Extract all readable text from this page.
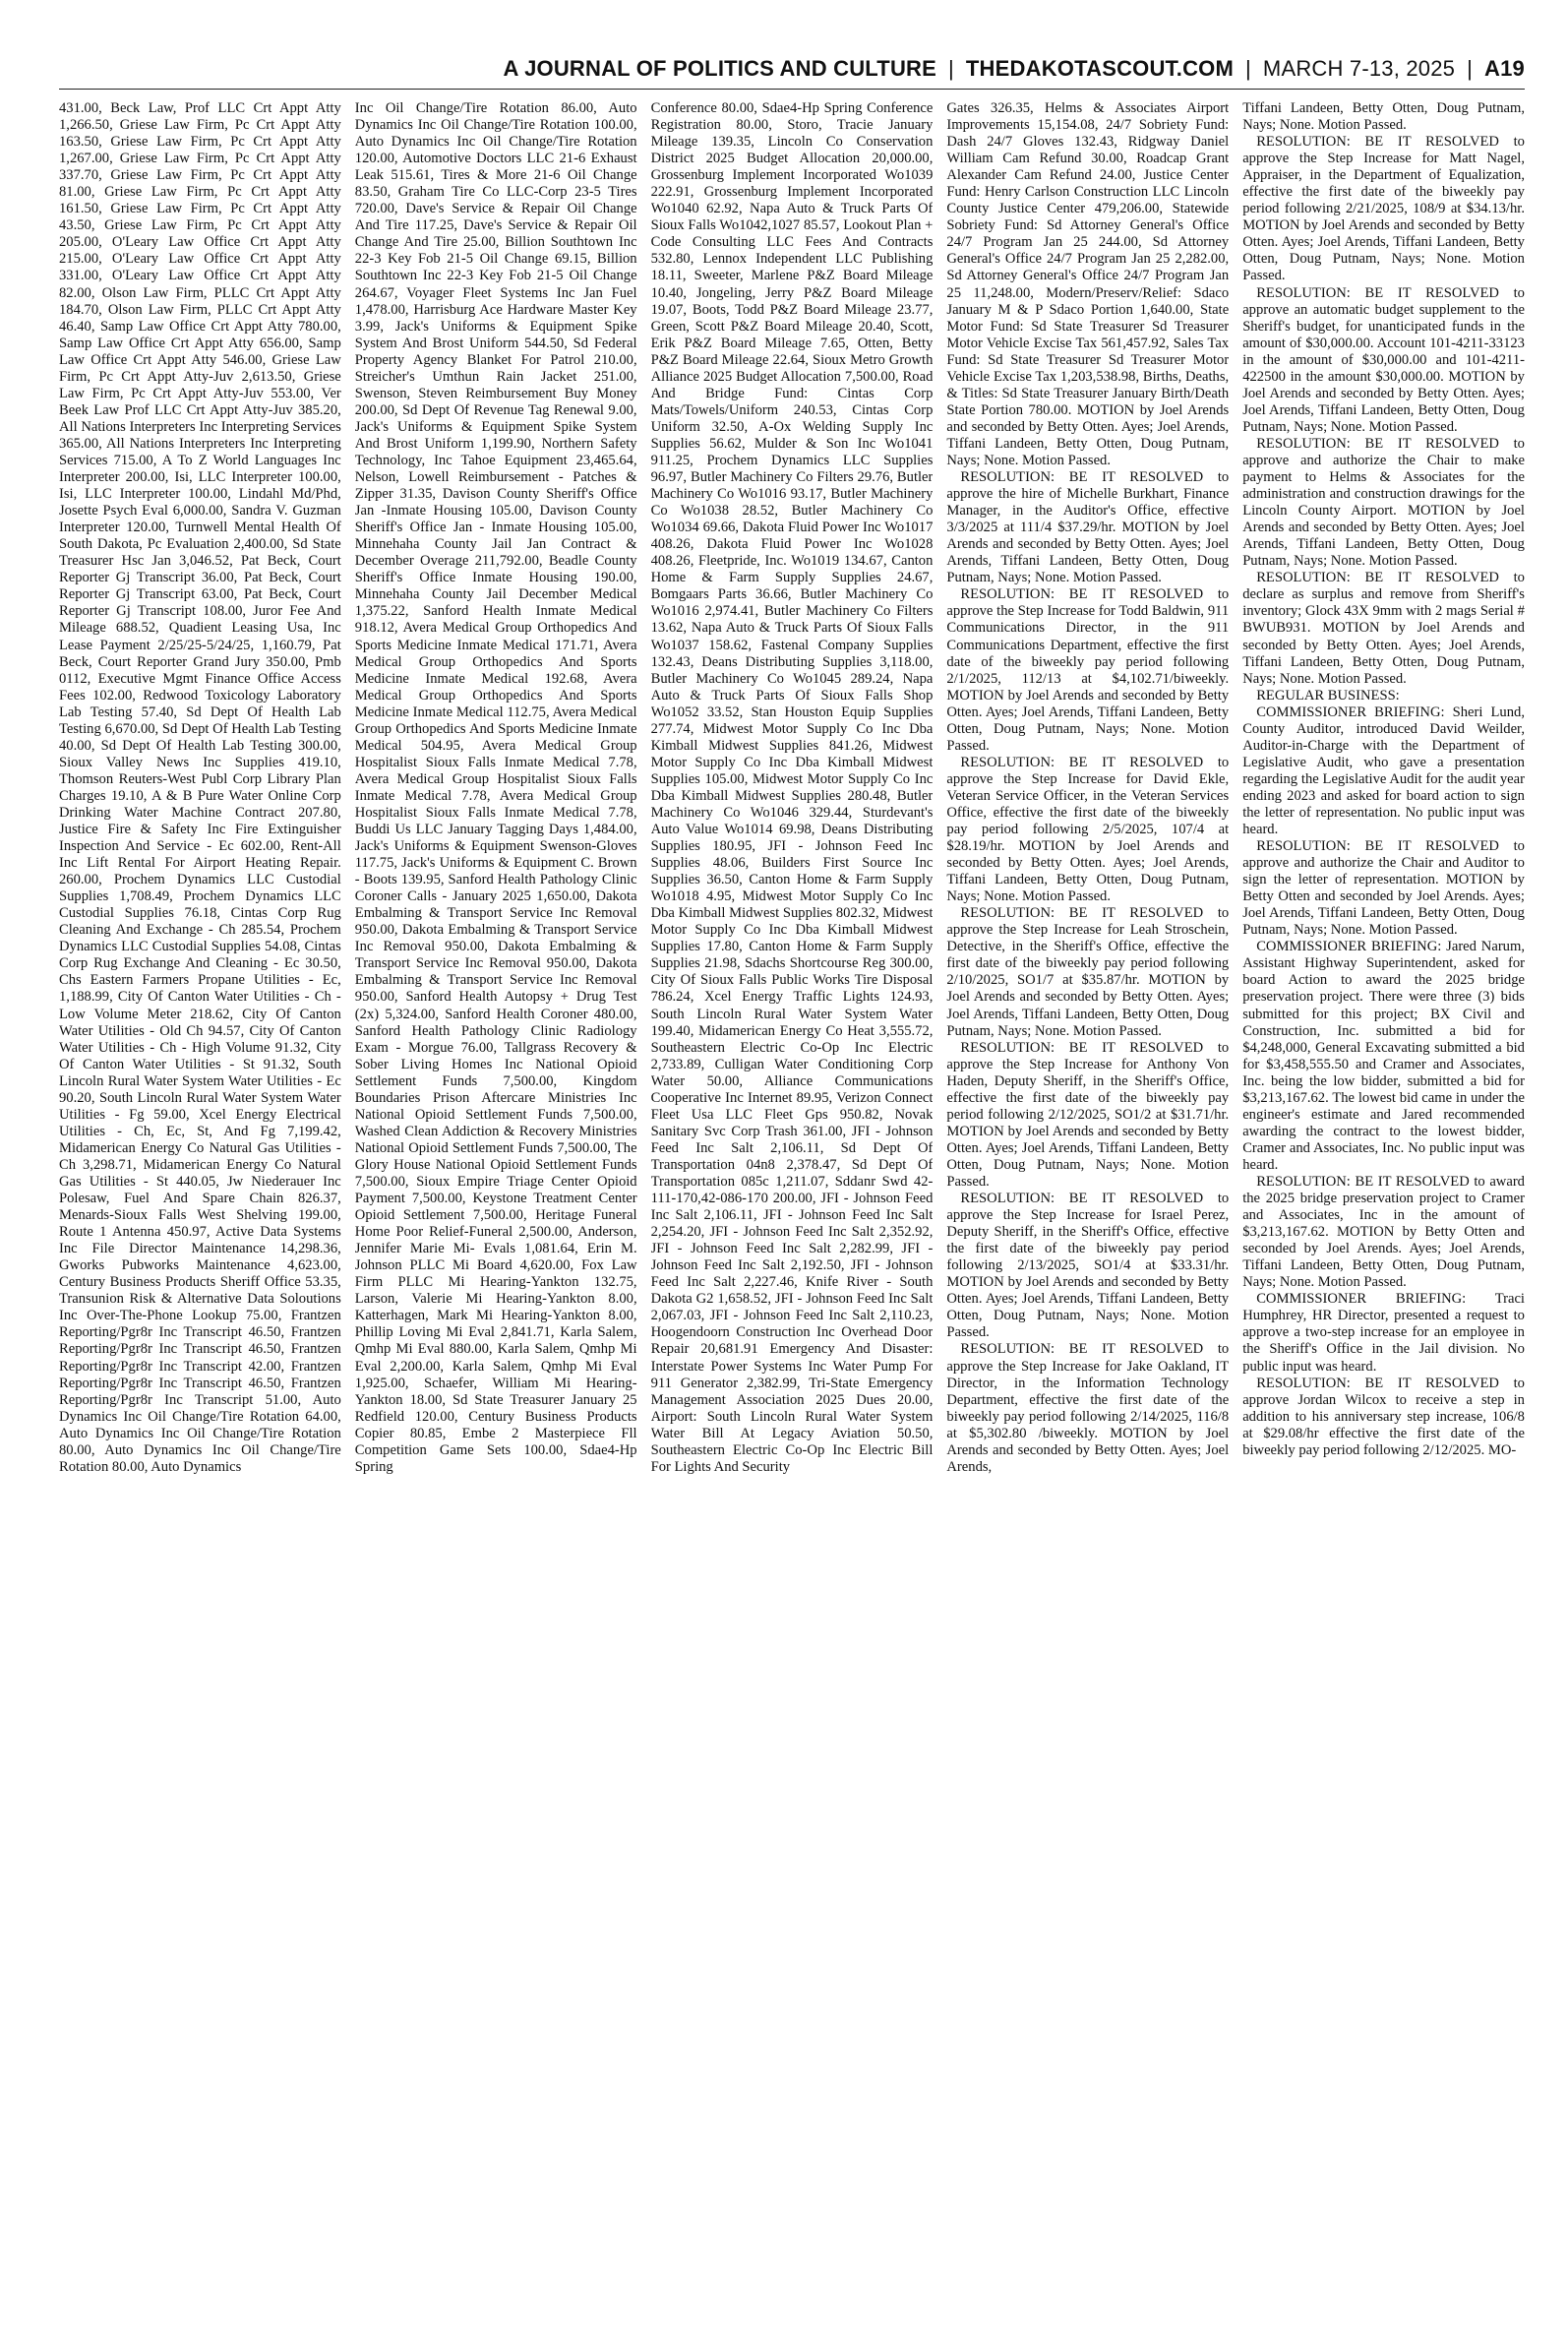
A JOURNAL OF POLITICS AND CULTURE | THEDAKOTASCOUT.COM | MARCH 7-13, 2025 | A19

431.00, Beck Law, Prof LLC Crt Appt Atty 1,266.50, Griese Law Firm, Pc Crt Appt Atty 163.50, Griese Law Firm, Pc Crt Appt Atty 1,267.00, Griese Law Firm, Pc Crt Appt Atty 337.70, Griese Law Firm, Pc Crt Appt Atty 81.00, Griese Law Firm, Pc Crt Appt Atty 161.50, Griese Law Firm, Pc Crt Appt Atty 43.50, Griese Law Firm, Pc Crt Appt Atty 205.00, O'Leary Law Office Crt Appt Atty 215.00, O'Leary Law Office Crt Appt Atty 331.00, O'Leary Law Office Crt Appt Atty 82.00, Olson Law Firm, PLLC Crt Appt Atty 184.70, Olson Law Firm, PLLC Crt Appt Atty 46.40, Samp Law Office Crt Appt Atty 780.00, Samp Law Office Crt Appt Atty 656.00, Samp Law Office Crt Appt Atty 546.00, Griese Law Firm, Pc Crt Appt Atty-Juv 2,613.50, Griese Law Firm, Pc Crt Appt Atty-Juv 553.00, Ver Beek Law Prof LLC Crt Appt Atty-Juv 385.20, All Nations Interpreters Inc Interpreting Services 365.00, All Nations Interpreters Inc Interpreting Services 715.00, A To Z World Languages Inc Interpreter 200.00, Isi, LLC Interpreter 100.00, Isi, LLC Interpreter 100.00, Lindahl Md/Phd, Josette Psych Eval 6,000.00, Sandra V. Guzman Interpreter 120.00, Turnwell Mental Health Of South Dakota, Pc Evaluation 2,400.00, Sd State Treasurer Hsc Jan 3,046.52, Pat Beck, Court Reporter Gj Transcript 36.00, Pat Beck, Court Reporter Gj Transcript 63.00, Pat Beck, Court Reporter Gj Transcript 108.00, Juror Fee And Mileage 688.52, Quadient Leasing Usa, Inc Lease Payment 2/25/25-5/24/25, 1,160.79, Pat Beck, Court Reporter Grand Jury 350.00, Pmb 0112, Executive Mgmt Finance Office Access Fees 102.00, Redwood Toxicology Laboratory Lab Testing 57.40, Sd Dept Of Health Lab Testing 6,670.00, Sd Dept Of Health Lab Testing 40.00, Sd Dept Of Health Lab Testing 300.00, Sioux Valley News Inc Supplies 419.10, Thomson Reuters-West Publ Corp Library Plan Charges 19.10, A & B Pure Water Online Corp Drinking Water Machine Contract 207.80, Justice Fire & Safety Inc Fire Extinguisher Inspection And Service - Ec 602.00, Rent-All Inc Lift Rental For Airport Heating Repair. 260.00, Prochem Dynamics LLC Custodial Supplies 1,708.49, Prochem Dynamics LLC Custodial Supplies 76.18, Cintas Corp Rug Cleaning And Exchange - Ch 285.54, Prochem Dynamics LLC Custodial Supplies 54.08, Cintas Corp Rug Exchange And Cleaning - Ec 30.50, Chs Eastern Farmers Propane Utilities - Ec, 1,188.99, City Of Canton Water Utilities - Ch - Low Volume Meter 218.62, City Of Canton Water Utilities - Old Ch 94.57, City Of Canton Water Utilities - Ch - High Volume 91.32, City Of Canton Water Utilities - St 91.32, South Lincoln Rural Water System Water Utilities - Ec 90.20, South Lincoln Rural Water System Water Utilities - Fg 59.00, Xcel Energy Electrical Utilities - Ch, Ec, St, And Fg 7,199.42, Midamerican Energy Co Natural Gas Utilities - Ch 3,298.71, Midamerican Energy Co Natural Gas Utilities - St 440.05, Jw Niederauer Inc Polesaw, Fuel And Spare Chain 826.37, Menards-Sioux Falls West Shelving 199.00, Route 1 Antenna 450.97, Active Data Systems Inc File Director Maintenance 14,298.36, Gworks Pubworks Maintenance 4,623.00, Century Business Products Sheriff Office 53.35, Transunion Risk & Alternative Data Soloutions Inc Over-The-Phone Lookup 75.00, Frantzen Reporting/Pgr8r Inc Transcript 46.50, Frantzen Reporting/Pgr8r Inc Transcript 46.50, Frantzen Reporting/Pgr8r Inc Transcript 42.00, Frantzen Reporting/Pgr8r Inc Transcript 46.50, Frantzen Reporting/Pgr8r Inc Transcript 51.00, Auto Dynamics Inc Oil Change/Tire Rotation 64.00, Auto Dynamics Inc Oil Change/Tire Rotation 80.00, Auto Dynamics Inc Oil Change/Tire Rotation 80.00, Auto Dynamics

Inc Oil Change/Tire Rotation 86.00, Auto Dynamics Inc Oil Change/Tire Rotation 100.00, Auto Dynamics Inc Oil Change/Tire Rotation 120.00, Automotive Doctors LLC 21-6 Exhaust Leak 515.61, Tires & More 21-6 Oil Change 83.50, Graham Tire Co LLC-Corp 23-5 Tires 720.00, Dave's Service & Repair Oil Change And Tire 117.25, Dave's Service & Repair Oil Change And Tire 25.00, Billion Southtown Inc 22-3 Key Fob 21-5 Oil Change 69.15, Billion Southtown Inc 22-3 Key Fob 21-5 Oil Change 264.67, Voyager Fleet Systems Inc Jan Fuel 1,478.00, Harrisburg Ace Hardware Master Key 3.99, Jack's Uniforms & Equipment Spike System And Brost Uniform 544.50, Sd Federal Property Agency Blanket For Patrol 210.00, Streicher's Umthun Rain Jacket 251.00, Swenson, Steven Reimbursement Buy Money 200.00, Sd Dept Of Revenue Tag Renewal 9.00, Jack's Uniforms & Equipment Spike System And Brost Uniform 1,199.90, Northern Safety Technology, Inc Tahoe Equipment 23,465.64, Nelson, Lowell Reimbursement - Patches & Zipper 31.35, Davison County Sheriff's Office Jan -Inmate Housing 105.00, Davison County Sheriff's Office Jan - Inmate Housing 105.00, Minnehaha County Jail Jan Contract & December Overage 211,792.00, Beadle County Sheriff's Office Inmate Housing 190.00, Minnehaha County Jail December Medical 1,375.22, Sanford Health Inmate Medical 918.12, Avera Medical Group Orthopedics And Sports Medicine Inmate Medical 171.71, Avera Medical Group Orthopedics And Sports Medicine Inmate Medical 192.68, Avera Medical Group Orthopedics And Sports Medicine Inmate Medical 112.75, Avera Medical Group Orthopedics And Sports Medicine Inmate Medical 504.95, Avera Medical Group Hospitalist Sioux Falls Inmate Medical 7.78, Avera Medical Group Hospitalist Sioux Falls Inmate Medical 7.78, Avera Medical Group Hospitalist Sioux Falls Inmate Medical 7.78, Buddi Us LLC January Tagging Days 1,484.00, Jack's Uniforms & Equipment Swenson-Gloves 117.75, Jack's Uniforms & Equipment C. Brown - Boots 139.95, Sanford Health Pathology Clinic Coroner Calls - January 2025 1,650.00, Dakota Embalming & Transport Service Inc Removal 950.00, Dakota Embalming & Transport Service Inc Removal 950.00, Dakota Embalming & Transport Service Inc Removal 950.00, Dakota Embalming & Transport Service Inc Removal 950.00, Sanford Health Autopsy + Drug Test (2x) 5,324.00, Sanford Health Coroner 480.00, Sanford Health Pathology Clinic Radiology Exam - Morgue 76.00, Tallgrass Recovery & Sober Living Homes Inc National Opioid Settlement Funds 7,500.00, Kingdom Boundaries Prison Aftercare Ministries Inc National Opioid Settlement Funds 7,500.00, Washed Clean Addiction & Recovery Ministries National Opioid Settlement Funds 7,500.00, The Glory House National Opioid Settlement Funds 7,500.00, Sioux Empire Triage Center Opioid Payment 7,500.00, Keystone Treatment Center Opioid Settlement 7,500.00, Heritage Funeral Home Poor Relief-Funeral 2,500.00, Anderson, Jennifer Marie Mi- Evals 1,081.64, Erin M. Johnson PLLC Mi Board 4,620.00, Fox Law Firm PLLC Mi Hearing-Yankton 132.75, Larson, Valerie Mi Hearing-Yankton 8.00, Katterhagen, Mark Mi Hearing-Yankton 8.00, Phillip Loving Mi Eval 2,841.71, Karla Salem, Qmhp Mi Eval 880.00, Karla Salem, Qmhp Mi Eval 2,200.00, Karla Salem, Qmhp Mi Eval 1,925.00, Schaefer, William Mi Hearing-Yankton 18.00, Sd State Treasurer January 25 Redfield 120.00, Century Business Products Copier 80.85, Embe 2 Masterpiece Fll Competition Game Sets 100.00, Sdae4-Hp Spring

Conference 80.00, Sdae4-Hp Spring Conference Registration 80.00, Storo, Tracie January Mileage 139.35, Lincoln Co Conservation District 2025 Budget Allocation 20,000.00, Grossenburg Implement Incorporated Wo1039 222.91, Grossenburg Implement Incorporated Wo1040 62.92, Napa Auto & Truck Parts Of Sioux Falls Wo1042,1027 85.57, Lookout Plan + Code Consulting LLC Fees And Contracts 532.80, Lennox Independent LLC Publishing 18.11, Sweeter, Marlene P&Z Board Mileage 10.40, Jongeling, Jerry P&Z Board Mileage 19.07, Boots, Todd P&Z Board Mileage 23.77, Green, Scott P&Z Board Mileage 20.40, Scott, Erik P&Z Board Mileage 7.65, Otten, Betty P&Z Board Mileage 22.64, Sioux Metro Growth Alliance 2025 Budget Allocation 7,500.00, Road And Bridge Fund: Cintas Corp Mats/Towels/Uniform 240.53, Cintas Corp Uniform 32.50, A-Ox Welding Supply Inc Supplies 56.62, Mulder & Son Inc Wo1041 911.25, Prochem Dynamics LLC Supplies 96.97, Butler Machinery Co Filters 29.76, Butler Machinery Co Wo1016 93.17, Butler Machinery Co Wo1038 28.52, Butler Machinery Co Wo1034 69.66, Dakota Fluid Power Inc Wo1017 408.26, Dakota Fluid Power Inc Wo1028 408.26, Fleetpride, Inc. Wo1019 134.67, Canton Home & Farm Supply Supplies 24.67, Bomgaars Parts 36.66, Butler Machinery Co Wo1016 2,974.41, Butler Machinery Co Filters 13.62, Napa Auto & Truck Parts Of Sioux Falls Wo1037 158.62, Fastenal Company Supplies 132.43, Deans Distributing Supplies 3,118.00, Butler Machinery Co Wo1045 289.24, Napa Auto & Truck Parts Of Sioux Falls Shop Wo1052 33.52, Stan Houston Equip Supplies 277.74, Midwest Motor Supply Co Inc Dba Kimball Midwest Supplies 841.26, Midwest Motor Supply Co Inc Dba Kimball Midwest Supplies 105.00, Midwest Motor Supply Co Inc Dba Kimball Midwest Supplies 280.48, Butler Machinery Co Wo1046 329.44, Sturdevant's Auto Value Wo1014 69.98, Deans Distributing Supplies 180.95, JFI - Johnson Feed Inc Supplies 48.06, Builders First Source Inc Supplies 36.50, Canton Home & Farm Supply Wo1018 4.95, Midwest Motor Supply Co Inc Dba Kimball Midwest Supplies 802.32, Midwest Motor Supply Co Inc Dba Kimball Midwest Supplies 17.80, Canton Home & Farm Supply Supplies 21.98, Sdachs Shortcourse Reg 300.00, City Of Sioux Falls Public Works Tire Disposal 786.24, Xcel Energy Traffic Lights 124.93, South Lincoln Rural Water System Water 199.40, Midamerican Energy Co Heat 3,555.72, Southeastern Electric Co-Op Inc Electric 2,733.89, Culligan Water Conditioning Corp Water 50.00, Alliance Communications Cooperative Inc Internet 89.95, Verizon Connect Fleet Usa LLC Fleet Gps 950.82, Novak Sanitary Svc Corp Trash 361.00, JFI - Johnson Feed Inc Salt 2,106.11, Sd Dept Of Transportation 04n8 2,378.47, Sd Dept Of Transportation 085c 1,211.07, Sddanr Swd 42-111-170,42-086-170 200.00, JFI - Johnson Feed Inc Salt 2,106.11, JFI - Johnson Feed Inc Salt 2,254.20, JFI - Johnson Feed Inc Salt 2,352.92, JFI - Johnson Feed Inc Salt 2,282.99, JFI - Johnson Feed Inc Salt 2,192.50, JFI - Johnson Feed Inc Salt 2,227.46, Knife River - South Dakota G2 1,658.52, JFI - Johnson Feed Inc Salt 2,067.03, JFI - Johnson Feed Inc Salt 2,110.23, Hoogendoorn Construction Inc Overhead Door Repair 20,681.91 Emergency And Disaster: Interstate Power Systems Inc Water Pump For 911 Generator 2,382.99, Tri-State Emergency Management Association 2025 Dues 20.00, Airport: South Lincoln Rural Water System Water Bill At Legacy Aviation 50.50, Southeastern Electric Co-Op Inc Electric Bill For Lights And Security

Gates 326.35, Helms & Associates Airport Improvements 15,154.08, 24/7 Sobriety Fund: Dash 24/7 Gloves 132.43, Ridgway Daniel William Cam Refund 30.00, Roadcap Grant Alexander Cam Refund 24.00, Justice Center Fund: Henry Carlson Construction LLC Lincoln County Justice Center 479,206.00, Statewide Sobriety Fund: Sd Attorney General's Office 24/7 Program Jan 25 244.00, Sd Attorney General's Office 24/7 Program Jan 25 2,282.00, Sd Attorney General's Office 24/7 Program Jan 25 11,248.00, Modern/Preserv/Relief: Sdaco January M & P Sdaco Portion 1,640.00, State Motor Fund: Sd State Treasurer Sd Treasurer Motor Vehicle Excise Tax 561,457.92, Sales Tax Fund: Sd State Treasurer Sd Treasurer Motor Vehicle Excise Tax 1,203,538.98, Births, Deaths, & Titles: Sd State Treasurer January Birth/Death State Portion 780.00. MOTION by Joel Arends and seconded by Betty Otten. Ayes; Joel Arends, Tiffani Landeen, Betty Otten, Doug Putnam, Nays; None. Motion Passed.

RESOLUTION: BE IT RESOLVED to approve the hire of Michelle Burkhart, Finance Manager, in the Auditor's Office, effective 3/3/2025 at 111/4 $37.29/hr. MOTION by Joel Arends and seconded by Betty Otten. Ayes; Joel Arends, Tiffani Landeen, Betty Otten, Doug Putnam, Nays; None. Motion Passed.

RESOLUTION: BE IT RESOLVED to approve the Step Increase for Todd Baldwin, 911 Communications Director, in the 911 Communications Department, effective the first date of the biweekly pay period following 2/1/2025, 112/13 at $4,102.71/biweekly. MOTION by Joel Arends and seconded by Betty Otten. Ayes; Joel Arends, Tiffani Landeen, Betty Otten, Doug Putnam, Nays; None. Motion Passed.

RESOLUTION: BE IT RESOLVED to approve the Step Increase for David Ekle, Veteran Service Officer, in the Veteran Services Office, effective the first date of the biweekly pay period following 2/5/2025, 107/4 at $28.19/hr. MOTION by Joel Arends and seconded by Betty Otten. Ayes; Joel Arends, Tiffani Landeen, Betty Otten, Doug Putnam, Nays; None. Motion Passed.

RESOLUTION: BE IT RESOLVED to approve the Step Increase for Leah Stroschein, Detective, in the Sheriff's Office, effective the first date of the biweekly pay period following 2/10/2025, SO1/7 at $35.87/hr. MOTION by Joel Arends and seconded by Betty Otten. Ayes; Joel Arends, Tiffani Landeen, Betty Otten, Doug Putnam, Nays; None. Motion Passed.

RESOLUTION: BE IT RESOLVED to approve the Step Increase for Anthony Von Haden, Deputy Sheriff, in the Sheriff's Office, effective the first date of the biweekly pay period following 2/12/2025, SO1/2 at $31.71/hr. MOTION by Joel Arends and seconded by Betty Otten. Ayes; Joel Arends, Tiffani Landeen, Betty Otten, Doug Putnam, Nays; None. Motion Passed.

RESOLUTION: BE IT RESOLVED to approve the Step Increase for Israel Perez, Deputy Sheriff, in the Sheriff's Office, effective the first date of the biweekly pay period following 2/13/2025, SO1/4 at $33.31/hr. MOTION by Joel Arends and seconded by Betty Otten. Ayes; Joel Arends, Tiffani Landeen, Betty Otten, Doug Putnam, Nays; None. Motion Passed.

RESOLUTION: BE IT RESOLVED to approve the Step Increase for Jake Oakland, IT Director, in the Information Technology Department, effective the first date of the biweekly pay period following 2/14/2025, 116/8 at $5,302.80 /biweekly. MOTION by Joel Arends and seconded by Betty Otten. Ayes; Joel Arends,

Tiffani Landeen, Betty Otten, Doug Putnam, Nays; None. Motion Passed.

RESOLUTION: BE IT RESOLVED to approve the Step Increase for Matt Nagel, Appraiser, in the Department of Equalization, effective the first date of the biweekly pay period following 2/21/2025, 108/9 at $34.13/hr. MOTION by Joel Arends and seconded by Betty Otten. Ayes; Joel Arends, Tiffani Landeen, Betty Otten, Doug Putnam, Nays; None. Motion Passed.

RESOLUTION: BE IT RESOLVED to approve an automatic budget supplement to the Sheriff's budget, for unanticipated funds in the amount of $30,000.00. Account 101-4211-33123 in the amount of $30,000.00 and 101-4211-422500 in the amount $30,000.00. MOTION by Joel Arends and seconded by Betty Otten. Ayes; Joel Arends, Tiffani Landeen, Betty Otten, Doug Putnam, Nays; None. Motion Passed.

RESOLUTION: BE IT RESOLVED to approve and authorize the Chair to make payment to Helms & Associates for the administration and construction drawings for the Lincoln County Airport. MOTION by Joel Arends and seconded by Betty Otten. Ayes; Joel Arends, Tiffani Landeen, Betty Otten, Doug Putnam, Nays; None. Motion Passed.

RESOLUTION: BE IT RESOLVED to declare as surplus and remove from Sheriff's inventory; Glock 43X 9mm with 2 mags Serial # BWUB931. MOTION by Joel Arends and seconded by Betty Otten. Ayes; Joel Arends, Tiffani Landeen, Betty Otten, Doug Putnam, Nays; None. Motion Passed.

REGULAR BUSINESS:

COMMISSIONER BRIEFING: Sheri Lund, County Auditor, introduced David Weilder, Auditor-in-Charge with the Department of Legislative Audit, who gave a presentation regarding the Legislative Audit for the audit year ending 2023 and asked for board action to sign the letter of representation. No public input was heard.

RESOLUTION: BE IT RESOLVED to approve and authorize the Chair and Auditor to sign the letter of representation. MOTION by Betty Otten and seconded by Joel Arends. Ayes; Joel Arends, Tiffani Landeen, Betty Otten, Doug Putnam, Nays; None. Motion Passed.

COMMISSIONER BRIEFING: Jared Narum, Assistant Highway Superintendent, asked for board Action to award the 2025 bridge preservation project. There were three (3) bids submitted for this project; BX Civil and Construction, Inc. submitted a bid for $4,248,000, General Excavating submitted a bid for $3,458,555.50 and Cramer and Associates, Inc. being the low bidder, submitted a bid for $3,213,167.62. The lowest bid came in under the engineer's estimate and Jared recommended awarding the contract to the lowest bidder, Cramer and Associates, Inc. No public input was heard.

RESOLUTION: BE IT RESOLVED to award the 2025 bridge preservation project to Cramer and Associates, Inc in the amount of $3,213,167.62. MOTION by Betty Otten and seconded by Joel Arends. Ayes; Joel Arends, Tiffani Landeen, Betty Otten, Doug Putnam, Nays; None. Motion Passed.

COMMISSIONER BRIEFING: Traci Humphrey, HR Director, presented a request to approve a two-step increase for an employee in the Sheriff's Office in the Jail division. No public input was heard.

RESOLUTION: BE IT RESOLVED to approve Jordan Wilcox to receive a step in addition to his anniversary step increase, 106/8 at $29.08/hr effective the first date of the biweekly pay period following 2/12/2025. MO-
